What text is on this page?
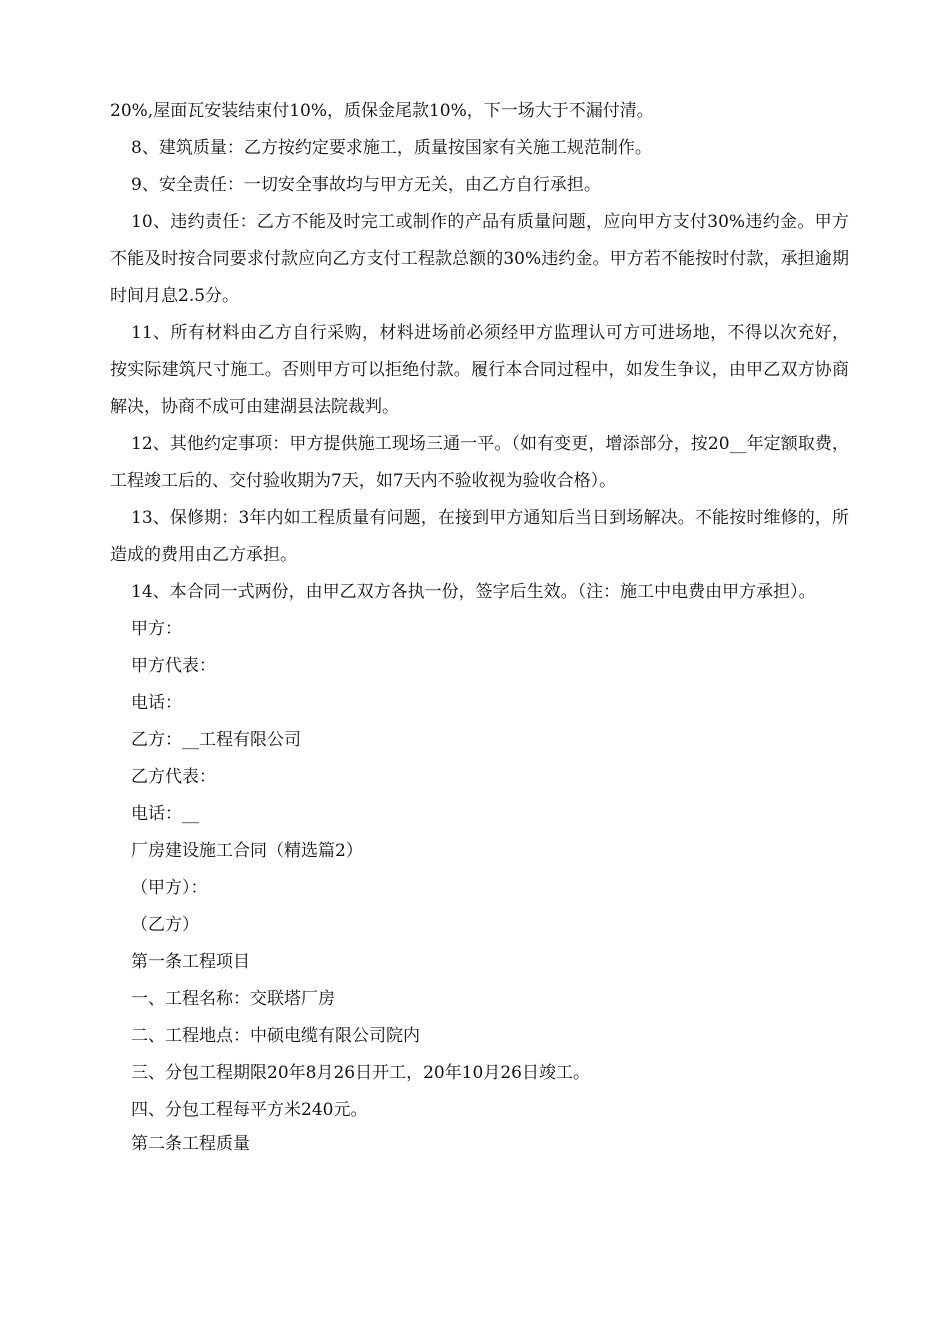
20%,屋面瓦安装结束付10%，质保金尾款10%，下一场大于不漏付清。

8、建筑质量：乙方按约定要求施工，质量按国家有关施工规范制作。

9、安全责任：一切安全事故均与甲方无关，由乙方自行承担。

10、违约责任：乙方不能及时完工或制作的产品有质量问题，应向甲方支付30%违约金。甲方不能及时按合同要求付款应向乙方支付工程款总额的30%违约金。甲方若不能按时付款，承担逾期时间月息2.5分。

11、所有材料由乙方自行采购，材料进场前必须经甲方监理认可方可进场地，不得以次充好，按实际建筑尺寸施工。否则甲方可以拒绝付款。履行本合同过程中，如发生争议，由甲乙双方协商解决，协商不成可由建湖县法院裁判。

12、其他约定事项：甲方提供施工现场三通一平。（如有变更，增添部分，按20__年定额取费，工程竣工后的、交付验收期为7天，如7天内不验收视为验收合格）。

13、保修期：3年内如工程质量有问题，在接到甲方通知后当日到场解决。不能按时维修的，所造成的费用由乙方承担。

14、本合同一式两份，由甲乙双方各执一份，签字后生效。（注：施工中电费由甲方承担）。

甲方：

甲方代表：

电话：

乙方：__工程有限公司

乙方代表：

电话：__

厂房建设施工合同（精选篇2）

（甲方）：

（乙方）

第一条工程项目

一、工程名称：交联塔厂房

二、工程地点：中硕电缆有限公司院内

三、分包工程期限20年8月26日开工，20年10月26日竣工。

四、分包工程每平方米240元。

第二条工程质量
